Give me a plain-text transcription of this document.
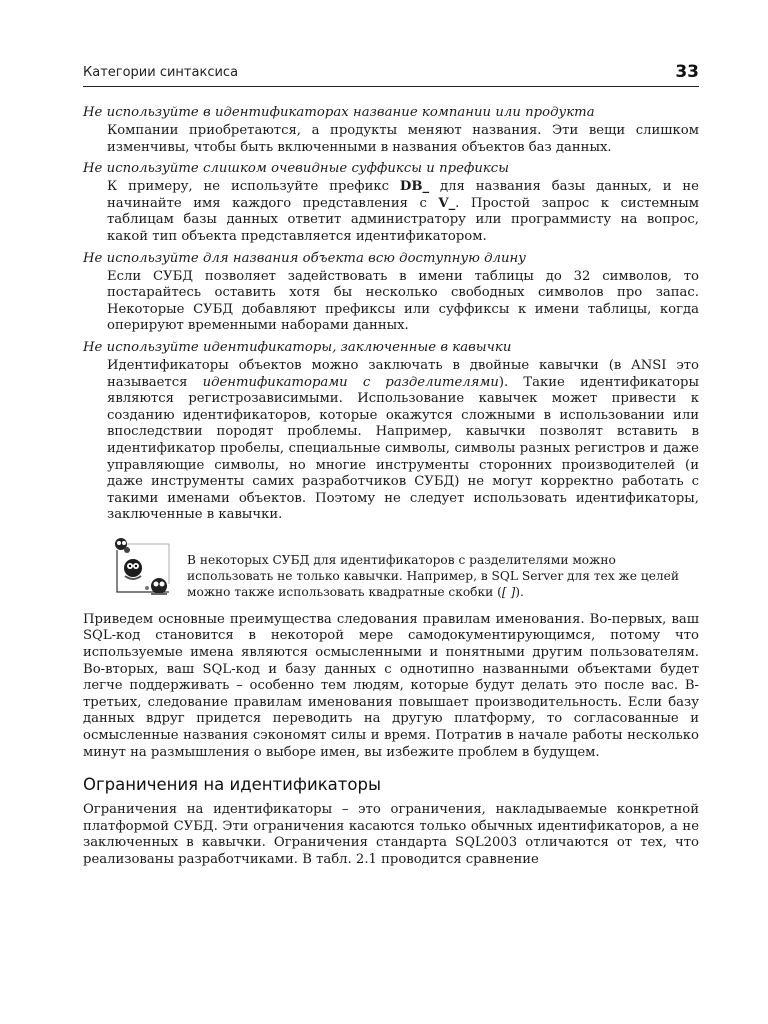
Категории синтаксиса	33

Не используйте в идентификаторах название компании или продукта

Компании приобретаются, а продукты меняют названия. Эти вещи слишком изменчивы, чтобы быть включенными в названия объектов баз данных.

Не используйте слишком очевидные суффиксы и префиксы

К примеру, не используйте префикс DB_ для названия базы данных, и не начинайте имя каждого представления с V_. Простой запрос к системным таблицам базы данных ответит администратору или программисту на вопрос, какой тип объекта представляется идентификатором.

Не используйте для названия объекта всю доступную длину

Если СУБД позволяет задействовать в имени таблицы до 32 символов, то постарайтесь оставить хотя бы несколько свободных символов про запас. Некоторые СУБД добавляют префиксы или суффиксы к имени таблицы, когда оперируют временными наборами данных.

Не используйте идентификаторы, заключенные в кавычки

Идентификаторы объектов можно заключать в двойные кавычки (в ANSI это называется идентификаторами с разделителями). Такие идентификаторы являются регистрозависимыми. Использование кавычек может привести к созданию идентификаторов, которые окажутся сложными в использовании или впоследствии породят проблемы. Например, кавычки позволят вставить в идентификатор пробелы, специальные символы, символы разных регистров и даже управляющие символы, но многие инструменты сторонних производителей (и даже инструменты самих разработчиков СУБД) не могут корректно работать с такими именами объектов. Поэтому не следует использовать идентификаторы, заключенные в кавычки.

В некоторых СУБД для идентификаторов с разделителями можно использовать не только кавычки. Например, в SQL Server для тех же целей можно также использовать квадратные скобки ([ ]).

Приведем основные преимущества следования правилам именования. Во-первых, ваш SQL-код становится в некоторой мере самодокументирующимся, потому что используемые имена являются осмысленными и понятными другим пользователям. Во-вторых, ваш SQL-код и базу данных с однотипно названными объектами будет легче поддерживать – особенно тем людям, которые будут делать это после вас. В-третьих, следование правилам именования повышает производительность. Если базу данных вдруг придется переводить на другую платформу, то согласованные и осмысленные названия сэкономят силы и время. Потратив в начале работы несколько минут на размышления о выборе имен, вы избежите проблем в будущем.

Ограничения на идентификаторы

Ограничения на идентификаторы – это ограничения, накладываемые конкретной платформой СУБД. Эти ограничения касаются только обычных идентификаторов, а не заключенных в кавычки. Ограничения стандарта SQL2003 отличаются от тех, что реализованы разработчиками. В табл. 2.1 проводится сравнение
